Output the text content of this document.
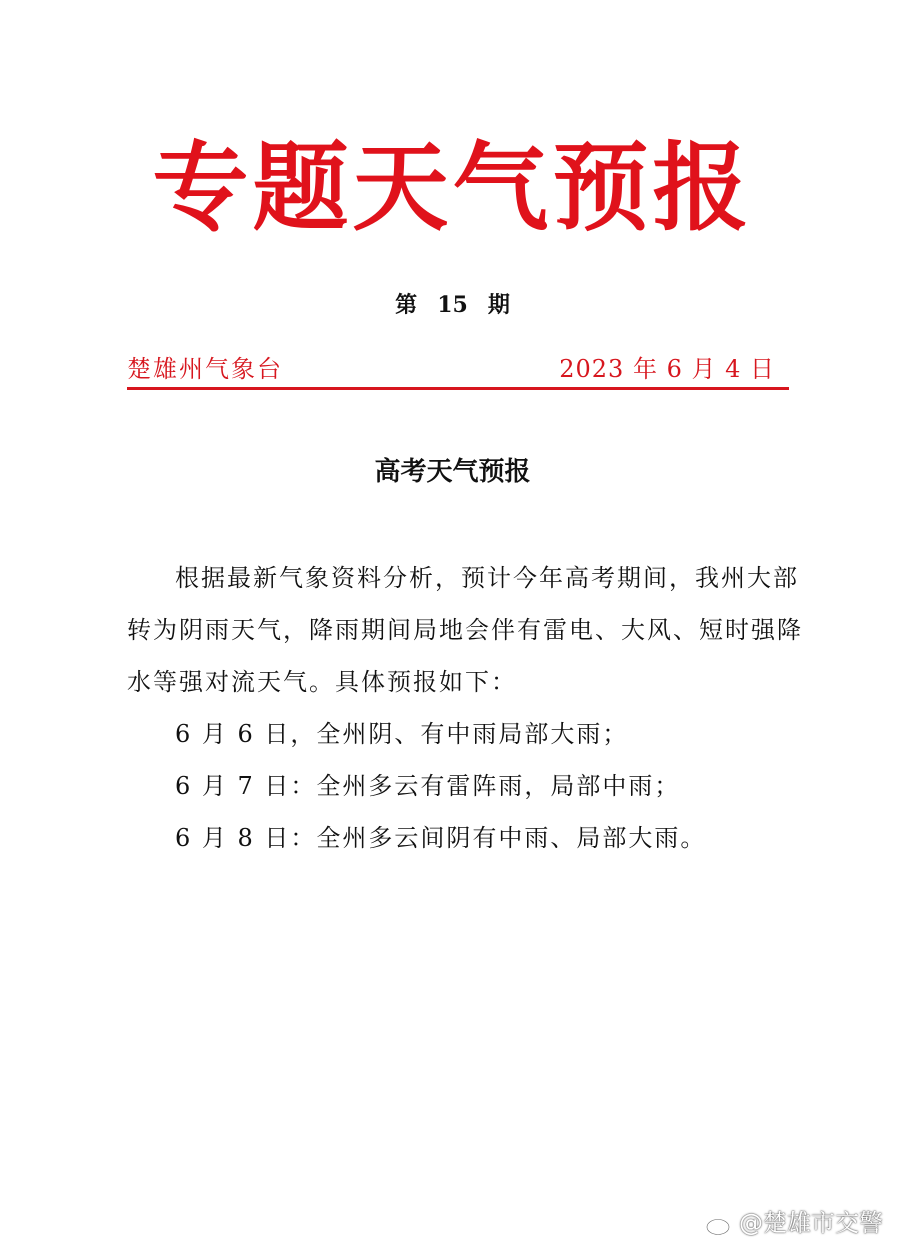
专题天气预报
第 15 期
楚雄州气象台	2023 年 6 月 4 日
高考天气预报

根据最新气象资料分析，预计今年高考期间，我州大部转为阴雨天气，降雨期间局地会伴有雷电、大风、短时强降水等强对流天气。具体预报如下：

6 月 6 日，全州阴、有中雨局部大雨；

6 月 7 日：全州多云有雷阵雨，局部中雨；

6 月 8 日：全州多云间阴有中雨、局部大雨。

@楚雄市交警
